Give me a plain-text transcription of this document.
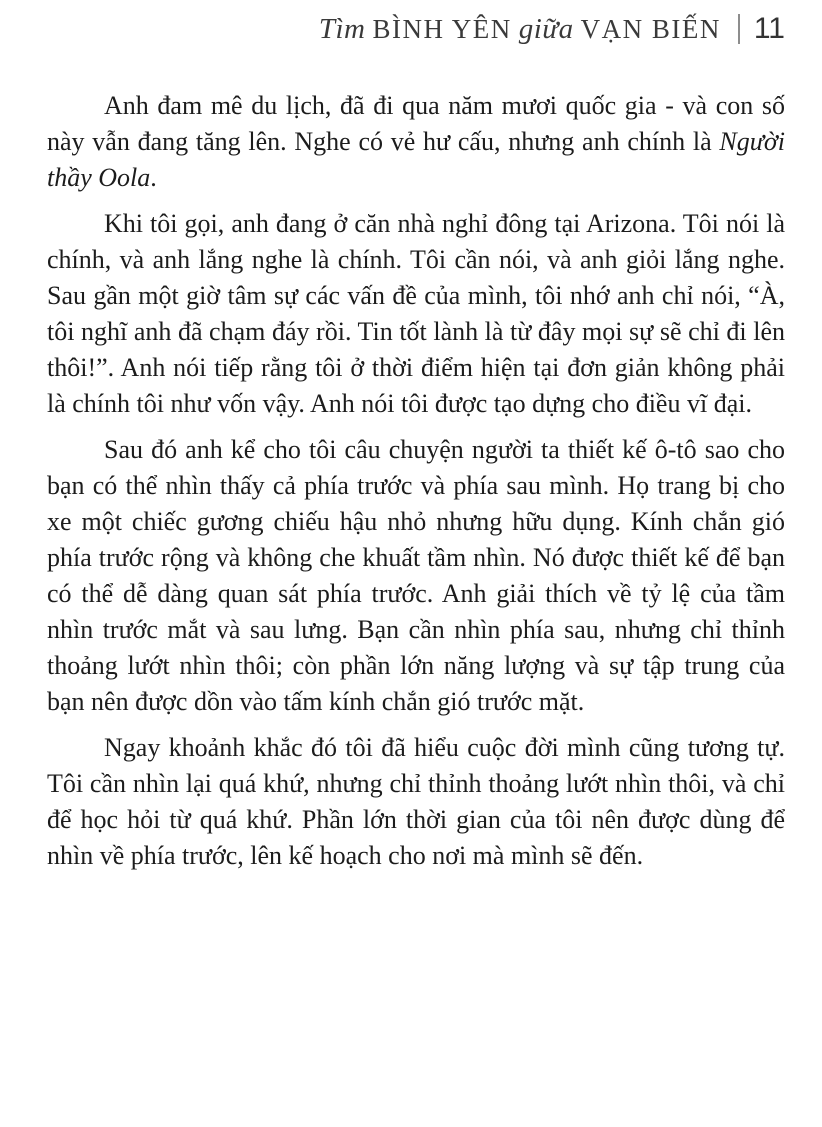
Tìm BÌNH YÊN giữa VẠN BIẾN 11

Anh đam mê du lịch, đã đi qua năm mươi quốc gia - và con số này vẫn đang tăng lên. Nghe có vẻ hư cấu, nhưng anh chính là Người thầy Oola.

Khi tôi gọi, anh đang ở căn nhà nghỉ đông tại Arizona. Tôi nói là chính, và anh lắng nghe là chính. Tôi cần nói, và anh giỏi lắng nghe. Sau gần một giờ tâm sự các vấn đề của mình, tôi nhớ anh chỉ nói, “À, tôi nghĩ anh đã chạm đáy rồi. Tin tốt lành là từ đây mọi sự sẽ chỉ đi lên thôi!”. Anh nói tiếp rằng tôi ở thời điểm hiện tại đơn giản không phải là chính tôi như vốn vậy. Anh nói tôi được tạo dựng cho điều vĩ đại.

Sau đó anh kể cho tôi câu chuyện người ta thiết kế ô-tô sao cho bạn có thể nhìn thấy cả phía trước và phía sau mình. Họ trang bị cho xe một chiếc gương chiếu hậu nhỏ nhưng hữu dụng. Kính chắn gió phía trước rộng và không che khuất tầm nhìn. Nó được thiết kế để bạn có thể dễ dàng quan sát phía trước. Anh giải thích về tỷ lệ của tầm nhìn trước mắt và sau lưng. Bạn cần nhìn phía sau, nhưng chỉ thỉnh thoảng lướt nhìn thôi; còn phần lớn năng lượng và sự tập trung của bạn nên được dồn vào tấm kính chắn gió trước mặt.

Ngay khoảnh khắc đó tôi đã hiểu cuộc đời mình cũng tương tự. Tôi cần nhìn lại quá khứ, nhưng chỉ thỉnh thoảng lướt nhìn thôi, và chỉ để học hỏi từ quá khứ. Phần lớn thời gian của tôi nên được dùng để nhìn về phía trước, lên kế hoạch cho nơi mà mình sẽ đến.
